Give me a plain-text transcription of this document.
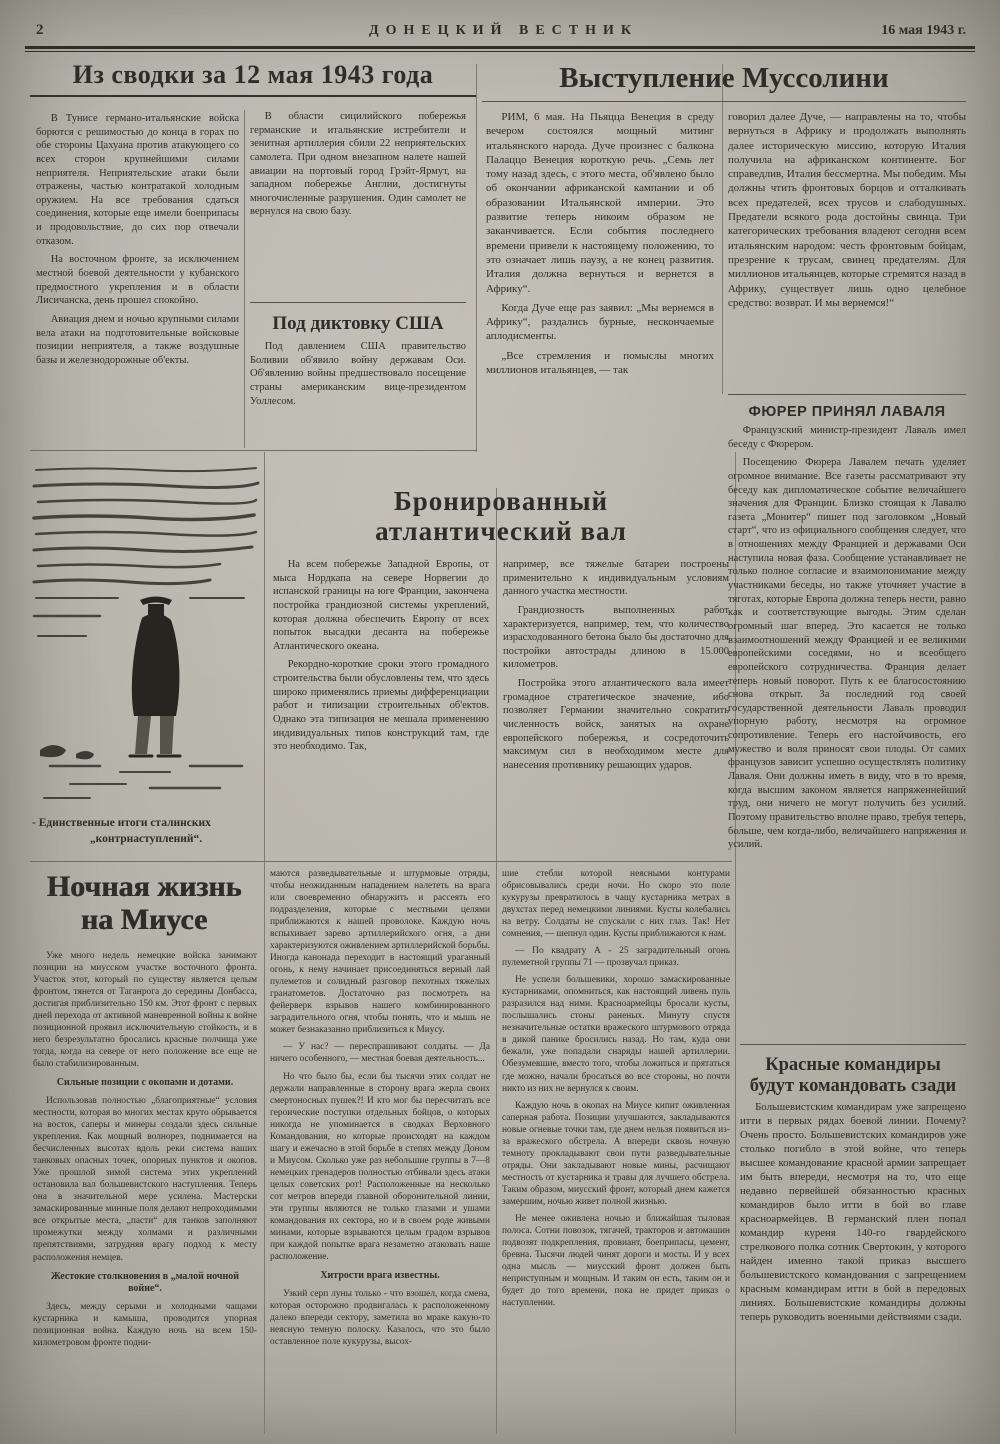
2	ДОНЕЦКИЙ ВЕСТНИК	16 мая 1943 г.
Из сводки за 12 мая 1943 года

В Тунисе германо-итальянские войска борются с решимостью до конца в горах по обе стороны Цахуана против атакующего со всех сторон крупнейшими силами неприятеля. Неприятельские атаки были отражены, частью контратакой холодным оружием. На все требования сдаться соединения, которые еще имели боеприпасы и продовольствие, до сих пор отвечали отказом.

На восточном фронте, за исключением местной боевой деятельности у кубанского предмостного укрепления и в области Лисичанска, день прошел спокойно.

Авиация днем и ночью крупными силами вела атаки на подготовительные войсковые позиции неприятеля, а также воздушные базы и железнодорожные об'екты.

В области сицилийского побережья германские и итальянские истребители и зенитная артиллерия сбили 22 неприятельских самолета. При одном внезапном налете нашей авиации на портовый город Грэйт-Ярмут, на западном побережье Англии, достигнуты многочисленные разрушения. Один самолет не вернулся на свою базу.

Под диктовку США

Под давлением США правительство Боливии об'явило войну державам Оси. Об'явлению войны предшествовало посещение страны американским вице-президентом Уоллесом.

Выступление Муссолини

РИМ, 6 мая. На Пьяцца Венеция в среду вечером состоялся мощный митинг итальянского народа. Дуче произнес с балкона Палаццо Венеция короткую речь. „Семь лет тому назад здесь, с этого места, об'явлено было об окончании африканской кампании и об образовании Итальянской империи. Это развитие теперь никоим образом не заканчивается. Если события последнего времени привели к настоящему положению, то это означает лишь паузу, а не конец развития. Италия должна вернуться и вернется в Африку“.

Когда Дуче еще раз заявил: „Мы вернемся в Африку“, раздались бурные, нескончаемые аплодисменты.

„Все стремления и помыслы многих миллионов итальянцев, — так

говорил далее Дуче, — направлены на то, чтобы вернуться в Африку и продолжать выполнять далее историческую миссию, которую Италия получила на африканском континенте. Бог справедлив, Италия бессмертна. Мы победим. Мы должны чтить фронтовых борцов и отталкивать всех предателей, всех трусов и слабодушных. Предатели всякого рода достойны свинца. Три категорических требования владеют сегодня всем итальянским народом: честь фронтовым бойцам, презрение к трусам, свинец предателям. Для миллионов итальянцев, которые стремятся назад в Африку, существует лишь одно целебное средство: возврат. И мы вернемся!“

ФЮРЕР ПРИНЯЛ ЛАВАЛЯ

Французский министр-президент Лаваль имел беседу с Фюрером.

Посещению Фюрера Лавалем печать уделяет огромное внимание. Все газеты рассматривают эту беседу как дипломатическое событие величайшего значения для Франции. Близко стоящая к Лавалю газета „Монитер“ пишет под заголовком „Новый старт“, что из официального сообщения следует, что в отношениях между Францией и державами Оси наступила новая фаза. Сообщение устанавливает не только полное согласие и взаимопонимание между участниками беседы, но также уточняет участие в тяготах, которые Европа должна теперь нести, равно как и соответствующие выгоды. Этим сделан огромный шаг вперед. Это касается не только взаимоотношений между Францией и ее великими европейскими соседями, но и всеобщего европейского сотрудничества. Франция делает теперь новый поворот. Путь к ее благосостоянию снова открыт. За последний год своей государственной деятельности Лаваль проводил упорную работу, несмотря на огромное сопротивление. Теперь его настойчивость, его мужество и воля приносят свои плоды. От самих французов зависит успешно осуществлять политику Лаваля. Они должны иметь в виду, что в то время, когда высшим законом является напряженнейший труд, они ничего не могут получить без усилий. Поэтому правительство вполне право, требуя теперь, больше, чем когда-либо, величайшего напряжения и усилий.

Бронированный
атлантический вал

На всем побережье Западной Европы, от мыса Нордкапа на севере Норвегии до испанской границы на юге Франции, закончена постройка грандиозной системы укреплений, которая должна обеспечить Европу от всех попыток высадки десанта на побережье Атлантического океана.

Рекордно-короткие сроки этого громадного строительства были обусловлены тем, что здесь широко применялись приемы дифференциации работ и типизации строительных об'ектов. Однако эта типизация не мешала применению индивидуальных типов конструкций там, где это необходимо. Так,

например, все тяжелые батареи построены применительно к индивидуальным условиям данного участка местности.

Грандиозность выполненных работ характеризуется, например, тем, что количество израсходованного бетона было бы достаточно для постройки автострады длиною в 15.000 километров.

Постройка этого атлантического вала имеет громадное стратегическое значение, ибо позволяет Германии значительно сократить численность войск, занятых на охране европейского побережья, и сосредоточить максимум сил в необходимом месте для нанесения противнику решающих ударов.

- Единственные итоги сталинских
„контрнаступлений“.
Ночная жизнь
на Миусе

Уже много недель немецкие войска занимают позиции на миусском участке восточного фронта. Участок этот, который по существу является целым фронтом, тянется от Таганрога до середины Донбасса, достигая приблизительно 150 км. Этот фронт с первых дней перехода от активной маневренной войны к войне позиционной проявил исключительную стойкость, и в него безрезультатно бросались красные полчища уже тогда, когда на севере от него положение все еще не было стабилизированным.

Сильные позиции с окопами и дотами.

Использовав полностью „благоприятные“ условия местности, которая во многих местах круто обрывается на восток, саперы и минеры создали здесь сильные укрепления. Как мощный волнорез, поднимается на бесчисленных высотах вдоль реки система наших танковых опасных точек, опорных пунктов и окопов. Уже прошлой зимой система этих укреплений остановила вал большевистского наступления. Теперь она в значительной мере усилена. Мастерски замаскированные минные поля делают непроходимыми все открытые места, „пасти“ для танков заполняют промежутки между холмами и различными препятствиями, затрудняя врагу подход к месту расположения немцев.

Жестокие столкновения в „малой ночной войне“.

Здесь, между серыми и холодными чащами кустарника и камыша, проводится упорная позиционная война. Каждую ночь на всем 150-километровом фронте подни-

маются разведывательные и штурмовые отряды, чтобы неожиданным нападением налететь на врага или своевременно обнаружить и рассеять его подразделения, которые с местными целями приближаются к нашей проволоке. Каждую ночь вспыхивает зарево артиллерийского огня, а дни характеризуются оживлением артиллерийской борьбы. Иногда канонада переходит в настоящий ураганный огонь, к нему начинает присоединяться верный лай пулеметов и солидный разговор пехотных тяжелых гранатометов. Достаточно раз посмотреть на фейерверк взрывов нашего комбинированного заградительного огня, чтобы понять, что и мышь не может безнаказанно приблизиться к Миусу.

— У нас? — переспрашивают солдаты. — Да ничего особенного, — местная боевая деятельность...

Но что было бы, если бы тысячи этих солдат не держали направленные в сторону врага жерла своих смертоносных пушек?! И кто мог бы пересчитать все героические поступки отдельных бойцов, о которых никогда не упоминается в сводках Верховного Командования, но которые происходят на каждом шагу и ежечасно в этой борьбе в степях между Доном и Миусом. Сколько уже раз небольшие группы в 7—8 немецких гренадеров полностью отбивали здесь атаки целых советских рот! Расположенные на несколько сот метров впереди главной оборонительной линии, эти группы являются не только глазами и ушами командования их сектора, но и в своем роде живыми минами, которые взрываются целым градом взрывов при каждой попытке врага незаметно атаковать наше расположение.

Хитрости врага известны.

Узкий серп луны только - что взошел, когда смена, которая осторожно продвигалась к расположенному далеко впереди сектору, заметила во мраке какую-то неясную темную полоску. Казалось, что это было оставленное поле кукурузы, высох-

шие стебли которой неясными контурами обрисовывались среди ночи. Но скоро это поле кукурузы превратилось в чащу кустарника метрах в двухстах перед немецкими линиями. Кусты колебались на ветру. Солдаты не спускали с них глаз. Так! Нет сомнения, — шепнул один. Кусты приближаются к нам.

— По квадрату А - 25 заградительный огонь пулеметной группы 71 — прозвучал приказ.

Не успели большевики, хорошо замаскированные кустарниками, опомниться, как настоящий ливень пуль разразился над ними. Красноармейцы бросали кусты, послышались стоны раненых. Минуту спустя незначительные остатки вражеского штурмового отряда в дикой панике бросились назад. Но там, куда они бежали, уже попадали снаряды нашей артиллерии. Обезумевшие, вместо того, чтобы ложиться и прятаться где можно, начали бросаться во все стороны, но почти никто из них не вернулся к своим.

Каждую ночь в окопах на Миусе кипит оживленная саперная работа. Позиции улучшаются, закладываются новые огневые точки там, где днем нельзя появиться из-за вражеского обстрела. А впереди сквозь ночную темноту прокладывают свои пути разведывательные отряды. Они закладывают новые мины, расчищают местность от кустарника и травы для лучшего обстрела. Таким образом, миусский фронт, который днем кажется замершим, ночью живет полной жизнью.

Не менее оживлена ночью и ближайшая тыловая полоса. Сотни повозок, тягачей, тракторов и автомашин подвозят подкрепления, провиант, боеприпасы, цемент, бревна. Тысячи людей чинят дороги и мосты. И у всех одна мысль — миусский фронт должен быть неприступным и мощным. И таким он есть, таким он и будет до того времени, пока не придет приказ о наступлении.

Красные командиры
будут командовать сзади

Большевистским командирам уже запрещено итти в первых рядах боевой линии. Почему? Очень просто. Большевистских командиров уже столько погибло в этой войне, что теперь высшее командование красной армии запрещает им быть впереди, несмотря на то, что еще недавно первейшей обязанностью красных командиров было итти в бой во главе красноармейцев. В германский плен попал командир куреня 140-го гвардейского стрелкового полка сотник Свертокин, у которого найден именно такой приказ высшего большевистского командования с запрещением красным командирам итти в бой в передовых линиях. Большевистские командиры должны теперь руководить военными действиями сзади.
